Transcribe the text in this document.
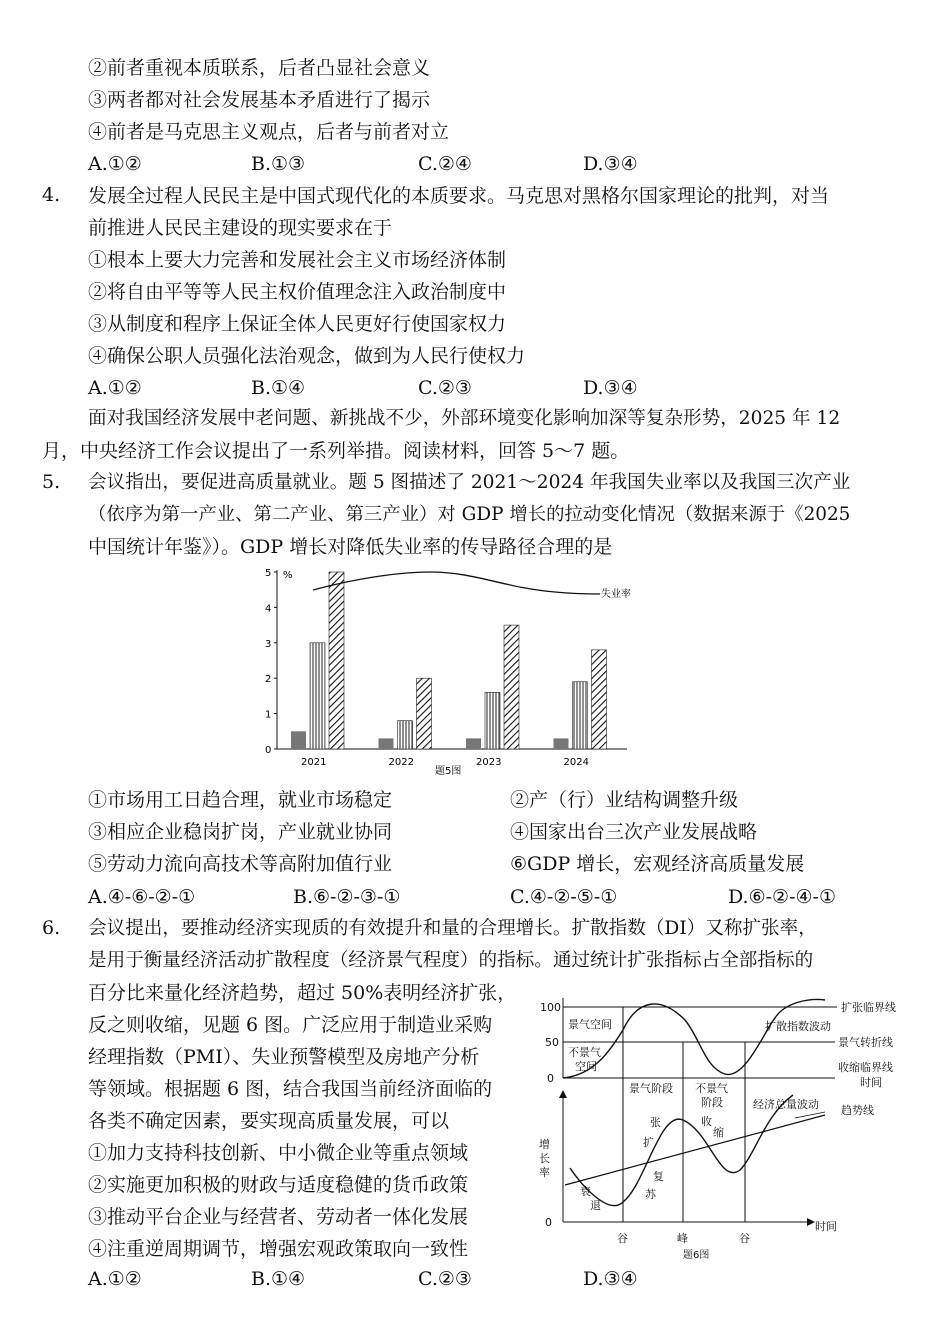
②前者重视本质联系，后者凸显社会意义
③两者都对社会发展基本矛盾进行了揭示
④前者是马克思主义观点，后者与前者对立
A.①②	B.①③	C.②④	D.③④
4. 发展全过程人民民主是中国式现代化的本质要求。马克思对黑格尔国家理论的批判，对当
前推进人民民主建设的现实要求在于
①根本上要大力完善和发展社会主义市场经济体制
②将自由平等等人民主权价值理念注入政治制度中
③从制度和程序上保证全体人民更好行使国家权力
④确保公职人员强化法治观念，做到为人民行使权力
A.①②	B.①④	C.②③	D.③④
面对我国经济发展中老问题、新挑战不少，外部环境变化影响加深等复杂形势，2025 年 12
月，中央经济工作会议提出了一系列举措。阅读材料，回答 5～7 题。
5. 会议指出，要促进高质量就业。题 5 图描述了 2021～2024 年我国失业率以及我国三次产业
（依序为第一产业、第二产业、第三产业）对 GDP 增长的拉动变化情况（数据来源于《2025
中国统计年鉴》）。GDP 增长对降低失业率的传导路径合理的是
0
1
2
3
4
5
2021	2022	2023	2024
失业率
%
题5图
①市场用工日趋合理，就业市场稳定	②产（行）业结构调整升级
③相应企业稳岗扩岗，产业就业协同	④国家出台三次产业发展战略
⑤劳动力流向高技术等高附加值行业	⑥GDP 增长，宏观经济高质量发展
A.④-⑥-②-①	B.⑥-②-③-①	C.④-②-⑤-①	D.⑥-②-④-①
6. 会议提出，要推动经济实现质的有效提升和量的合理增长。扩散指数（DI）又称扩张率，
是用于衡量经济活动扩散程度（经济景气程度）的指标。通过统计扩张指标占全部指标的
百分比来量化经济趋势，超过 50%表明经济扩张，
反之则收缩，见题 6 图。广泛应用于制造业采购
经理指数（PMI）、失业预警模型及房地产分析
等领域。根据题 6 图，结合我国当前经济面临的
各类不确定因素，要实现高质量发展，可以
①加力支持科技创新、中小微企业等重点领域
②实施更加积极的财政与适度稳健的货币政策
③推动平台企业与经营者、劳动者一体化发展
④注重逆周期调节，增强宏观政策取向一致性
A.①②	B.①④	C.②③	D.③④
100
50
0
景气空间
不景气
空间
扩张临界线
扩散指数波动
景气转折线
收缩临界线
时间
景气阶段 不景气
阶段
增
长
率
0
经济总量波动 趋势线
张
扩
收
缩
复
苏
衰
退
谷	峰	谷
时间
题6图
